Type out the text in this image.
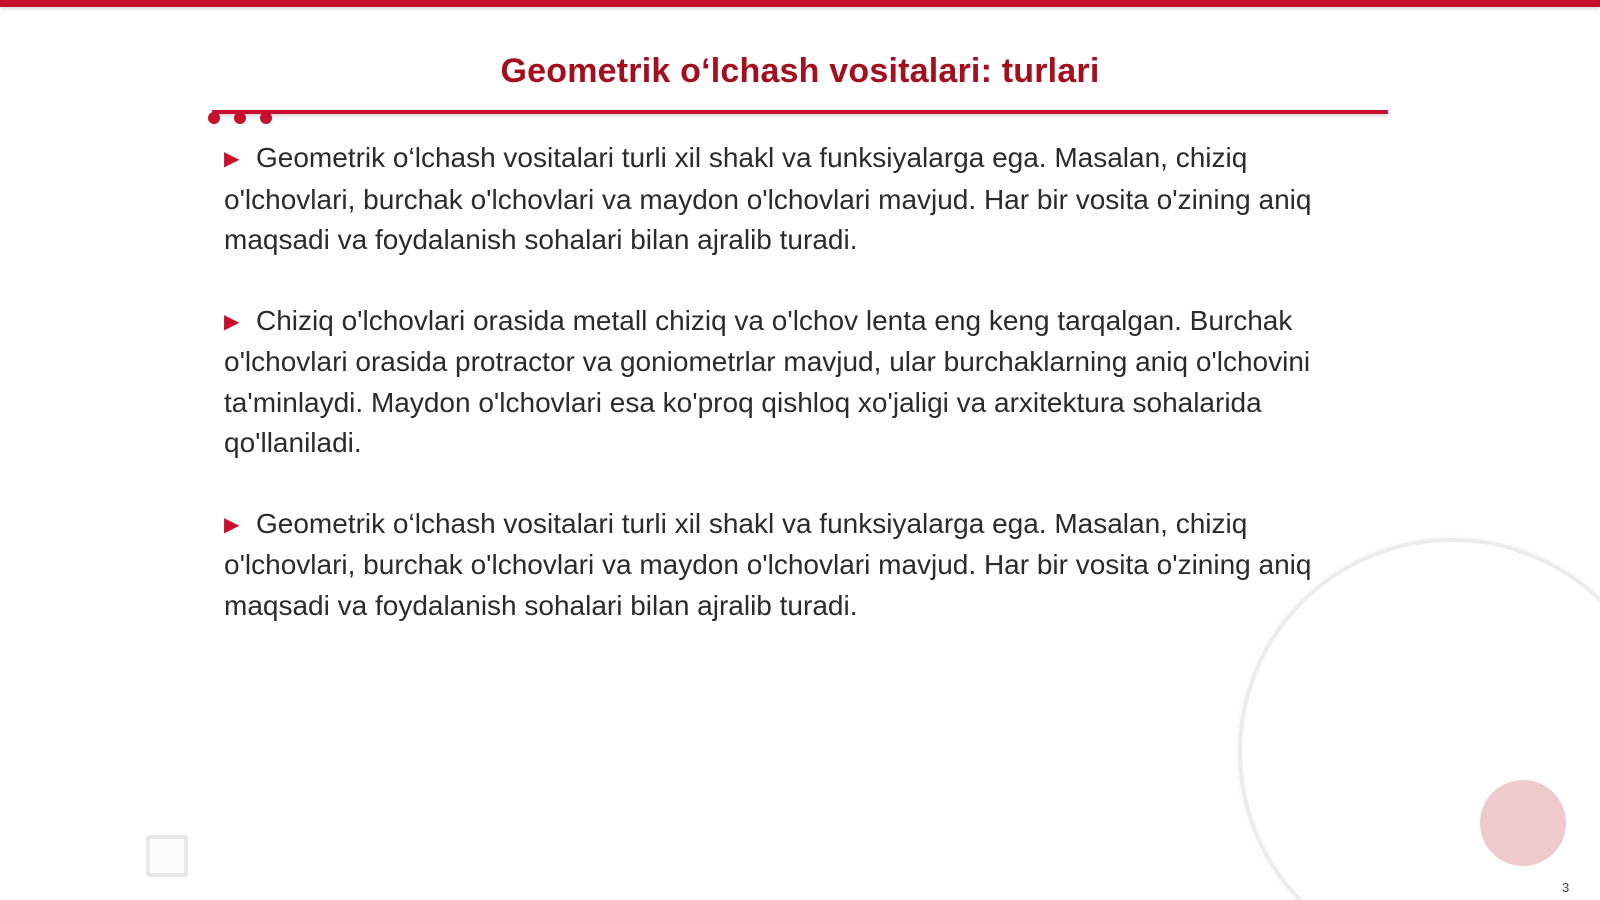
Geometrik o‘lchash vositalari: turlari

▶ Geometrik o‘lchash vositalari turli xil shakl va funksiyalarga ega. Masalan, chiziq o'lchovlari, burchak o'lchovlari va maydon o'lchovlari mavjud. Har bir vosita o'zining aniq maqsadi va foydalanish sohalari bilan ajralib turadi.

▶ Chiziq o'lchovlari orasida metall chiziq va o'lchov lenta eng keng tarqalgan. Burchak o'lchovlari orasida protractor va goniometrlar mavjud, ular burchaklarning aniq o'lchovini ta'minlaydi. Maydon o'lchovlari esa ko'proq qishloq xo'jaligi va arxitektura sohalarida qo'llaniladi.

▶ Geometrik o‘lchash vositalari turli xil shakl va funksiyalarga ega. Masalan, chiziq o'lchovlari, burchak o'lchovlari va maydon o'lchovlari mavjud. Har bir vosita o'zining aniq maqsadi va foydalanish sohalari bilan ajralib turadi.

3
